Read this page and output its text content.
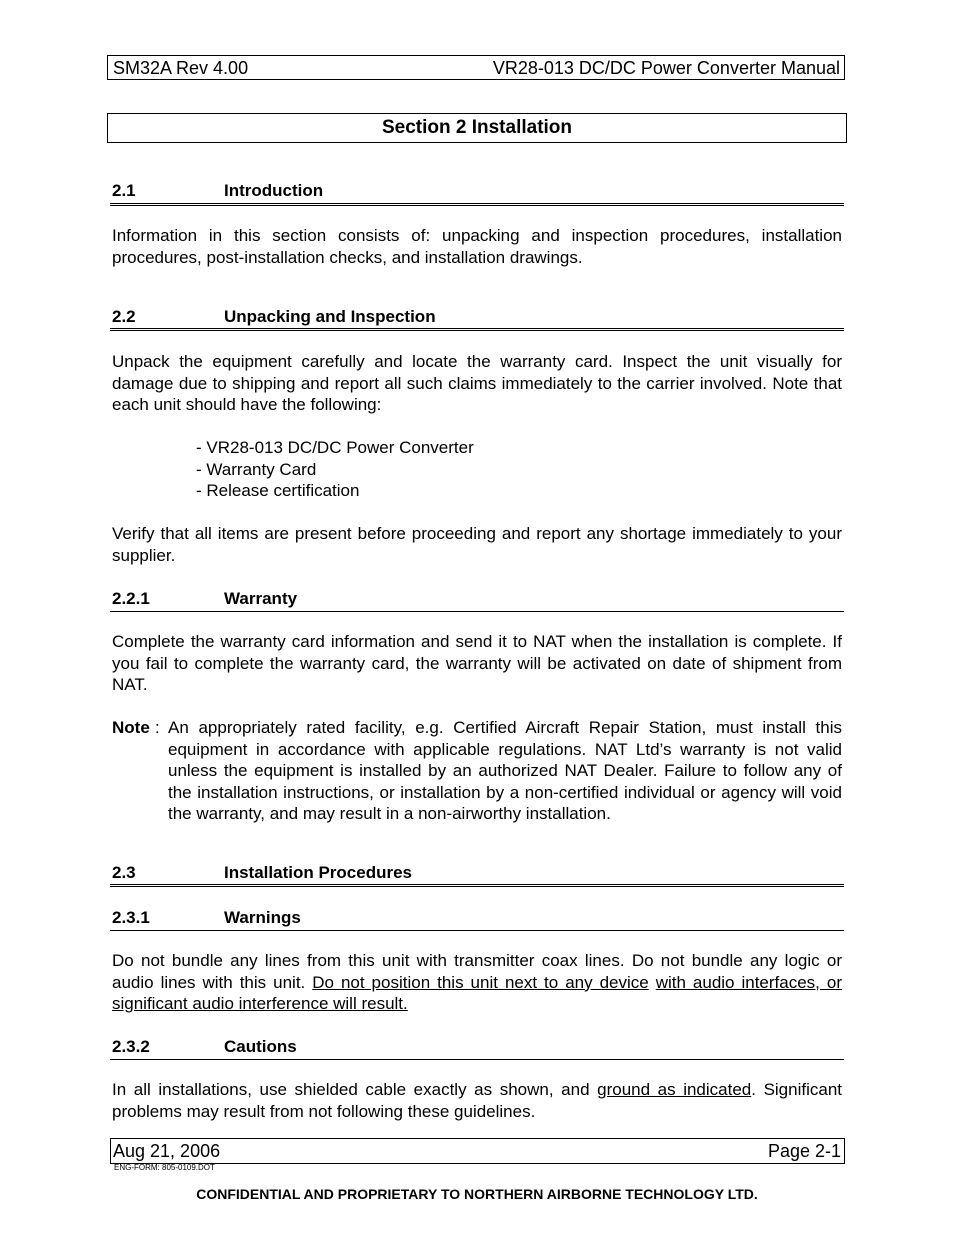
SM32A Rev 4.00	VR28-013 DC/DC Power Converter Manual
Section 2 Installation
2.1	Introduction

Information in this section consists of: unpacking and inspection procedures, installation procedures, post-installation checks, and installation drawings.

2.2	Unpacking and Inspection

Unpack the equipment carefully and locate the warranty card. Inspect the unit visually for damage due to shipping and report all such claims immediately to the carrier involved. Note that each unit should have the following:

- VR28-013 DC/DC Power Converter
- Warranty Card
- Release certification

Verify that all items are present before proceeding and report any shortage immediately to your supplier.

2.2.1	Warranty

Complete the warranty card information and send it to NAT when the installation is complete. If you fail to complete the warranty card, the warranty will be activated on date of shipment from NAT.

Note : An appropriately rated facility, e.g. Certified Aircraft Repair Station, must install this equipment in accordance with applicable regulations. NAT Ltd’s warranty is not valid unless the equipment is installed by an authorized NAT Dealer. Failure to follow any of the installation instructions, or installation by a non-certified individual or agency will void the warranty, and may result in a non-airworthy installation.
2.3	Installation Procedures
2.3.1	Warnings

Do not bundle any lines from this unit with transmitter coax lines. Do not bundle any logic or audio lines with this unit. Do not position this unit next to any device with audio interfaces, or significant audio interference will result.

2.3.2	Cautions

In all installations, use shielded cable exactly as shown, and ground as indicated. Significant problems may result from not following these guidelines.

Aug 21, 2006	Page 2-1
ENG-FORM: 805-0109.DOT
CONFIDENTIAL AND PROPRIETARY TO NORTHERN AIRBORNE TECHNOLOGY LTD.
